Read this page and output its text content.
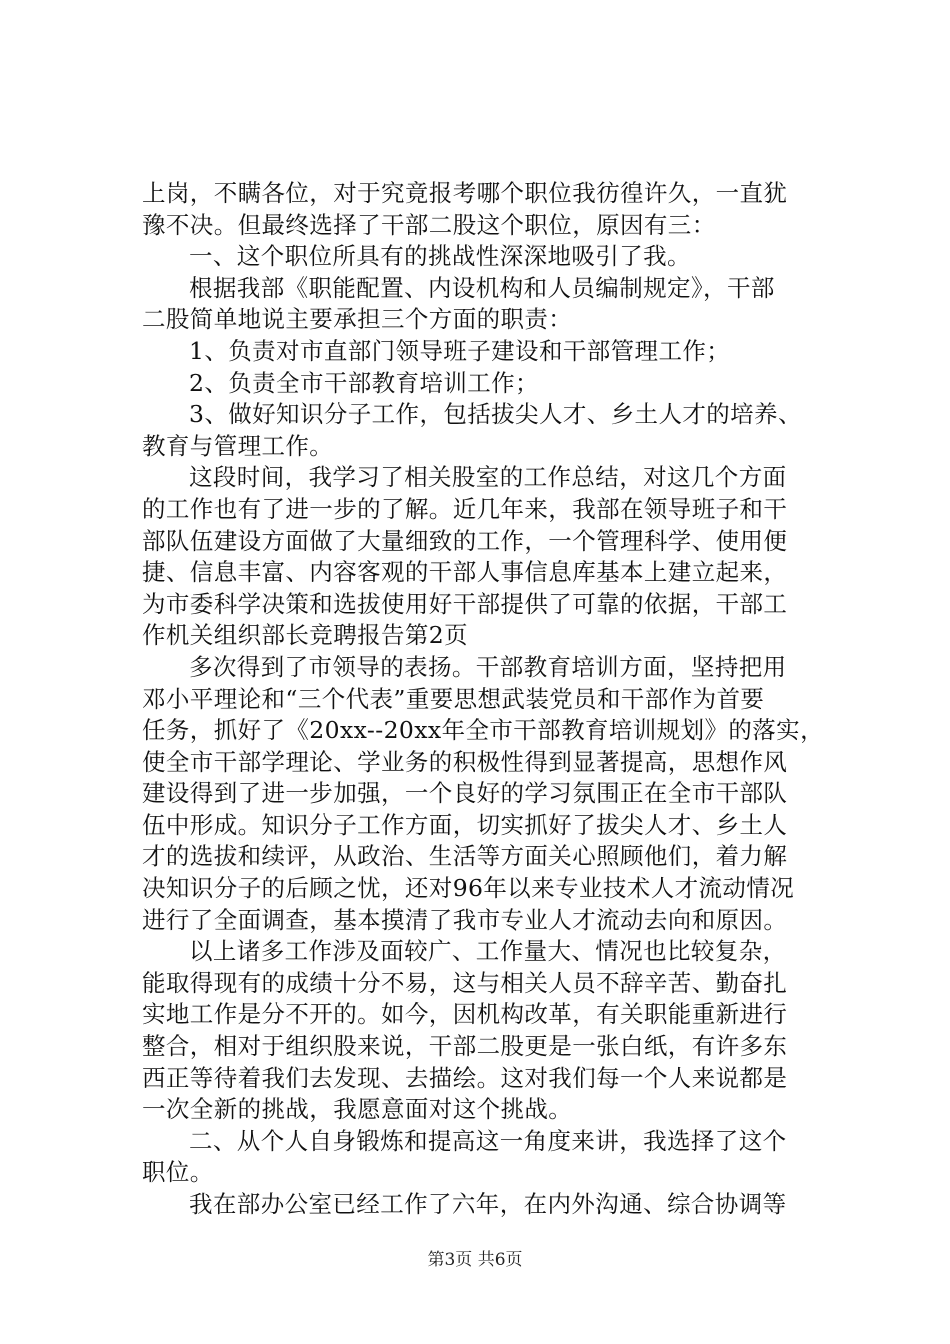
上岗，不瞒各位，对于究竟报考哪个职位我彷徨许久，一直犹
豫不决。但最终选择了干部二股这个职位，原因有三：
一、这个职位所具有的挑战性深深地吸引了我。
根据我部《职能配置、内设机构和人员编制规定》，干部
二股简单地说主要承担三个方面的职责：
1、负责对市直部门领导班子建设和干部管理工作；
2、负责全市干部教育培训工作；
3、做好知识分子工作，包括拔尖人才、乡土人才的培养、
教育与管理工作。
这段时间，我学习了相关股室的工作总结，对这几个方面
的工作也有了进一步的了解。近几年来，我部在领导班子和干
部队伍建设方面做了大量细致的工作，一个管理科学、使用便
捷、信息丰富、内容客观的干部人事信息库基本上建立起来，
为市委科学决策和选拔使用好干部提供了可靠的依据，干部工
作机关组织部长竞聘报告第2页
多次得到了市领导的表扬。干部教育培训方面，坚持把用
邓小平理论和“三个代表”重要思想武装党员和干部作为首要
任务，抓好了《20xx--20xx年全市干部教育培训规划》的落实，
使全市干部学理论、学业务的积极性得到显著提高，思想作风
建设得到了进一步加强，一个良好的学习氛围正在全市干部队
伍中形成。知识分子工作方面，切实抓好了拔尖人才、乡土人
才的选拔和续评，从政治、生活等方面关心照顾他们，着力解
决知识分子的后顾之忧，还对96年以来专业技术人才流动情况
进行了全面调查，基本摸清了我市专业人才流动去向和原因。
以上诸多工作涉及面较广、工作量大、情况也比较复杂，
能取得现有的成绩十分不易，这与相关人员不辞辛苦、勤奋扎
实地工作是分不开的。如今，因机构改革，有关职能重新进行
整合，相对于组织股来说，干部二股更是一张白纸，有许多东
西正等待着我们去发现、去描绘。这对我们每一个人来说都是
一次全新的挑战，我愿意面对这个挑战。
二、从个人自身锻炼和提高这一角度来讲，我选择了这个
职位。
我在部办公室已经工作了六年，在内外沟通、综合协调等
第3页 共6页
